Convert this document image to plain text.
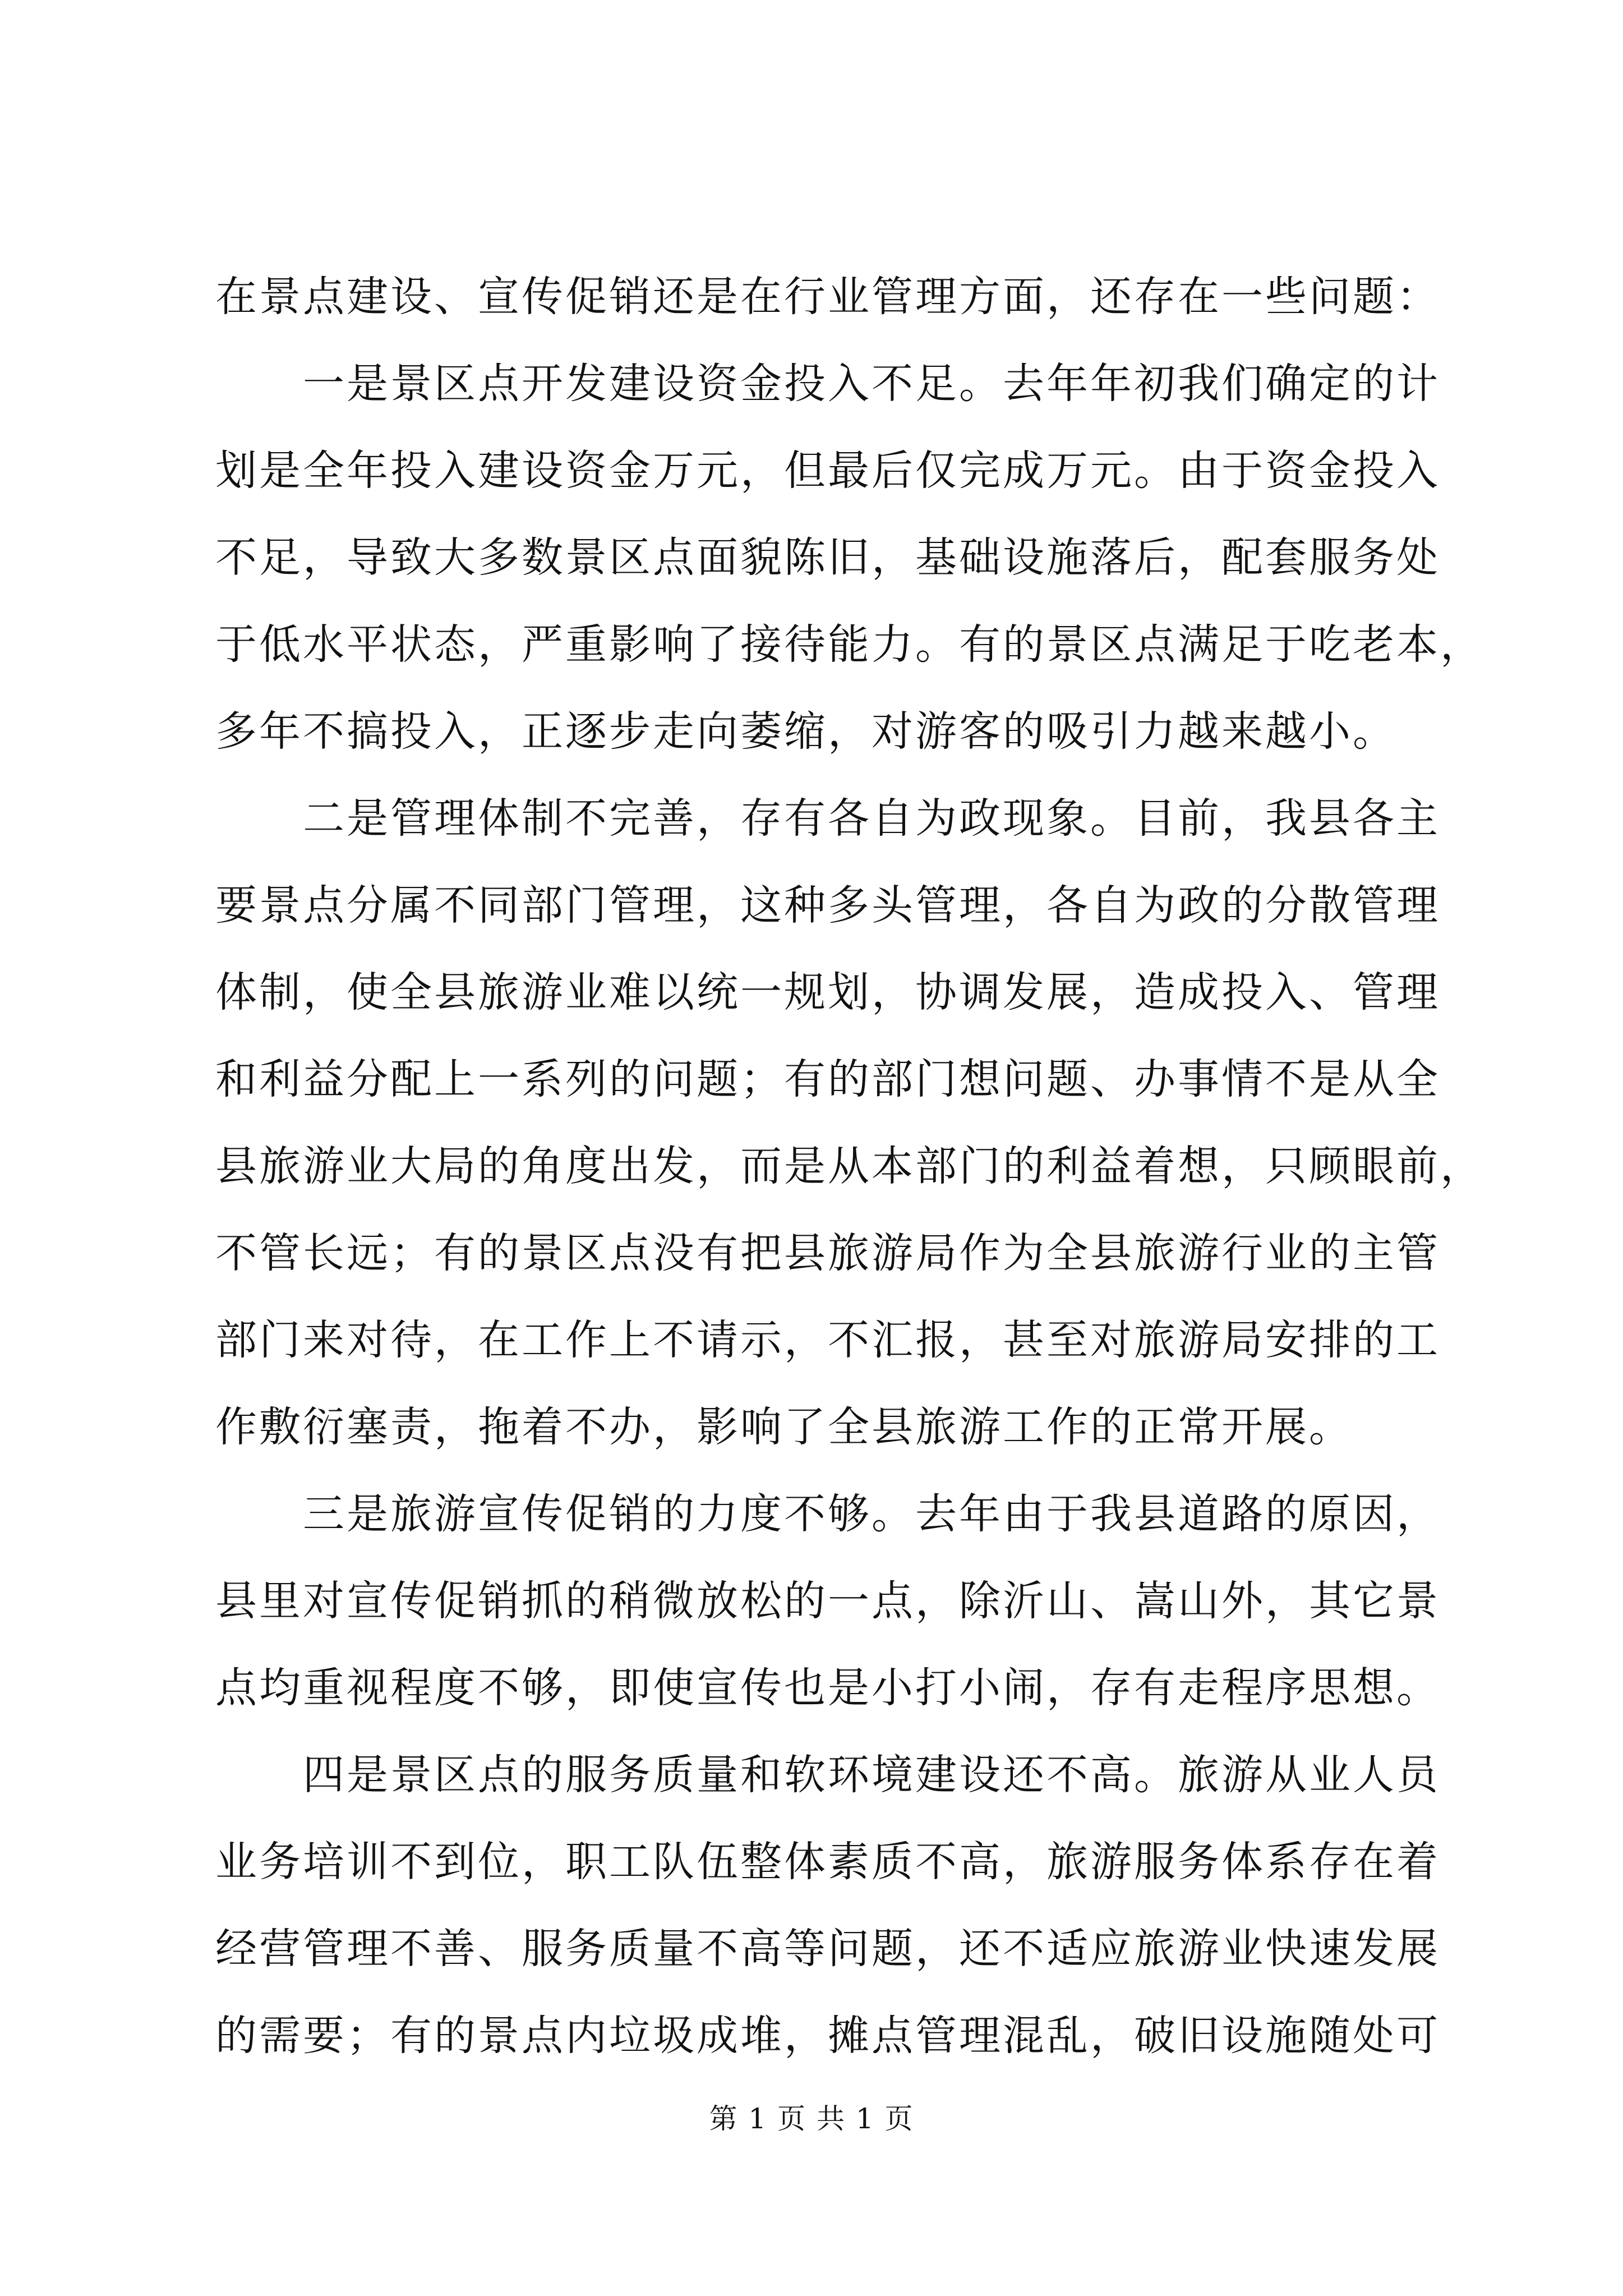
在景点建设、宣传促销还是在行业管理方面，还存在一些问题：
一是景区点开发建设资金投入不足。去年年初我们确定的计
划是全年投入建设资金万元，但最后仅完成万元。由于资金投入
不足，导致大多数景区点面貌陈旧，基础设施落后，配套服务处
于低水平状态，严重影响了接待能力。有的景区点满足于吃老本，
多年不搞投入，正逐步走向萎缩，对游客的吸引力越来越小。
二是管理体制不完善，存有各自为政现象。目前，我县各主
要景点分属不同部门管理，这种多头管理，各自为政的分散管理
体制，使全县旅游业难以统一规划，协调发展，造成投入、管理
和利益分配上一系列的问题；有的部门想问题、办事情不是从全
县旅游业大局的角度出发，而是从本部门的利益着想，只顾眼前，
不管长远；有的景区点没有把县旅游局作为全县旅游行业的主管
部门来对待，在工作上不请示，不汇报，甚至对旅游局安排的工
作敷衍塞责，拖着不办，影响了全县旅游工作的正常开展。
三是旅游宣传促销的力度不够。去年由于我县道路的原因，
县里对宣传促销抓的稍微放松的一点，除沂山、嵩山外，其它景
点均重视程度不够，即使宣传也是小打小闹，存有走程序思想。
四是景区点的服务质量和软环境建设还不高。旅游从业人员
业务培训不到位，职工队伍整体素质不高，旅游服务体系存在着
经营管理不善、服务质量不高等问题，还不适应旅游业快速发展
的需要；有的景点内垃圾成堆，摊点管理混乱，破旧设施随处可
第 1 页 共 1 页
